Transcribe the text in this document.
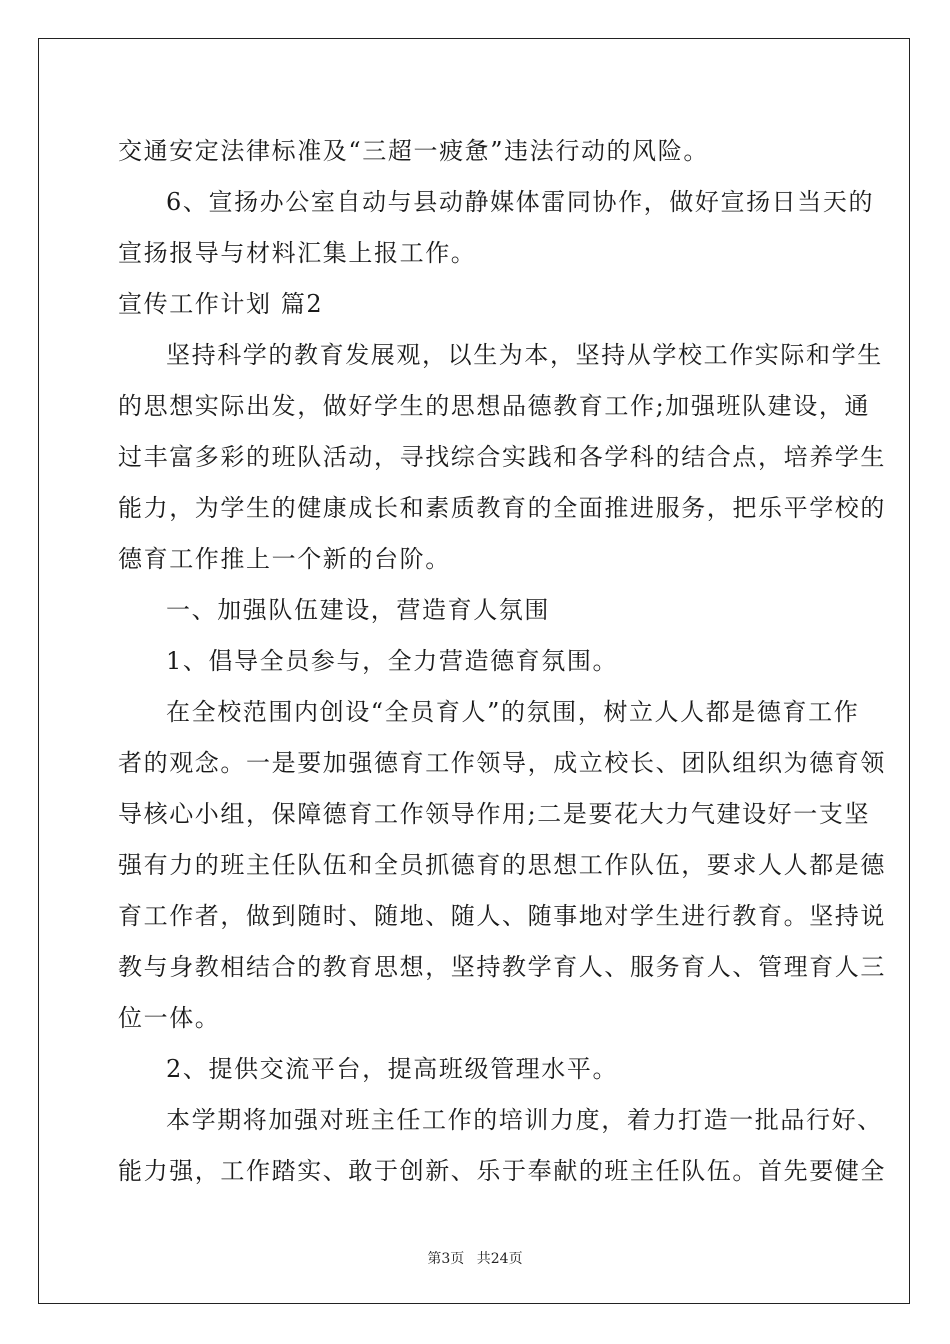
交通安定法律标准及“三超一疲惫”违法行动的风险。
6、宣扬办公室自动与县动静媒体雷同协作，做好宣扬日当天的
宣扬报导与材料汇集上报工作。
宣传工作计划 篇2
坚持科学的教育发展观，以生为本，坚持从学校工作实际和学生
的思想实际出发，做好学生的思想品德教育工作;加强班队建设，通
过丰富多彩的班队活动，寻找综合实践和各学科的结合点，培养学生
能力，为学生的健康成长和素质教育的全面推进服务，把乐平学校的
德育工作推上一个新的台阶。
一、加强队伍建设，营造育人氛围
1、倡导全员参与，全力营造德育氛围。
在全校范围内创设“全员育人”的氛围，树立人人都是德育工作
者的观念。一是要加强德育工作领导，成立校长、团队组织为德育领
导核心小组，保障德育工作领导作用;二是要花大力气建设好一支坚
强有力的班主任队伍和全员抓德育的思想工作队伍，要求人人都是德
育工作者，做到随时、随地、随人、随事地对学生进行教育。坚持说
教与身教相结合的教育思想，坚持教学育人、服务育人、管理育人三
位一体。
2、提供交流平台，提高班级管理水平。
本学期将加强对班主任工作的培训力度，着力打造一批品行好、
能力强，工作踏实、敢于创新、乐于奉献的班主任队伍。首先要健全
第3页 共24页
